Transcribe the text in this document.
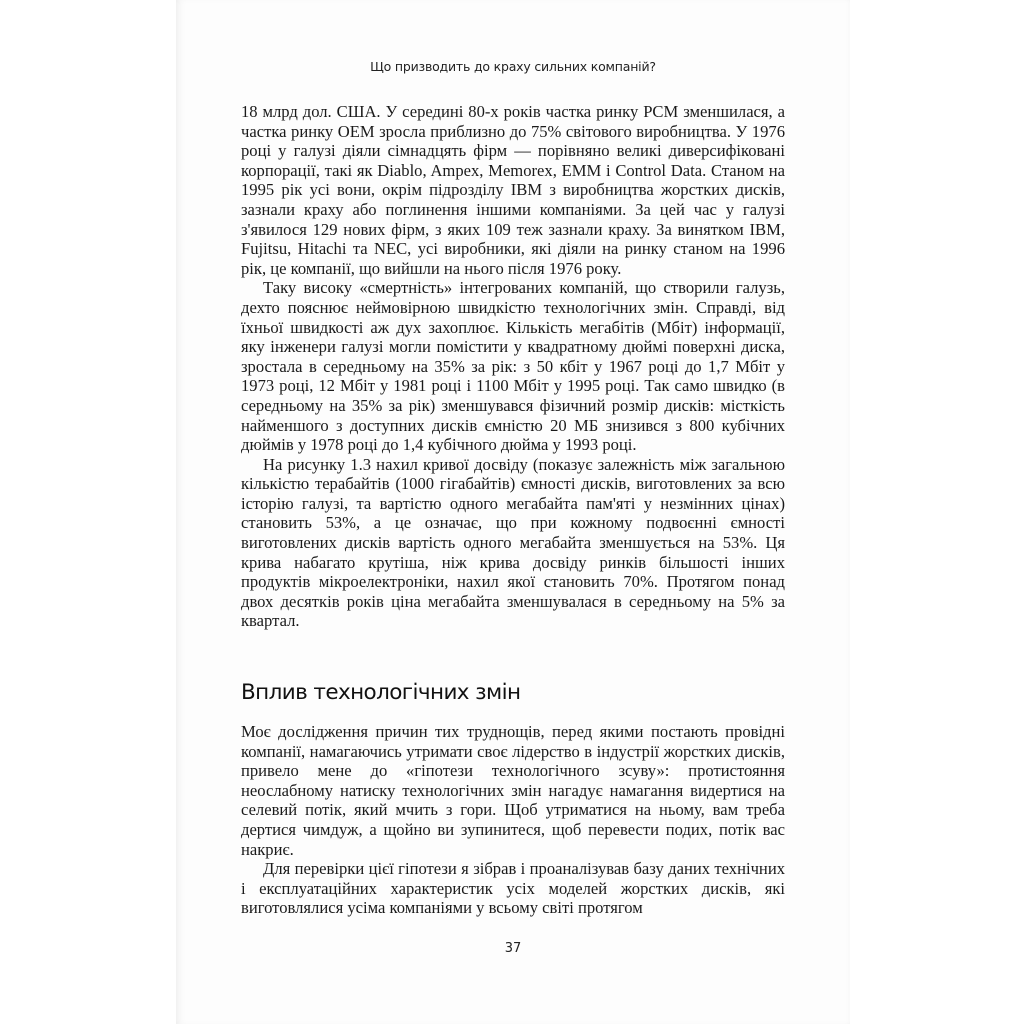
Що призводить до краху сильних компаній?

18 млрд дол. США. У середині 80-х років частка ринку PCM зменшилася, а частка ринку OEM зросла приблизно до 75% світового виробництва. У 1976 році у галузі діяли сімнадцять фірм — порівняно великі диверсифіковані корпорації, такі як Diablo, Ampex, Memorex, EMM і Control Data. Станом на 1995 рік усі вони, окрім підрозділу IBM з виробництва жорстких дисків, зазнали краху або поглинення іншими компаніями. За цей час у галузі з'явилося 129 нових фірм, з яких 109 теж зазнали краху. За винятком IBM, Fujitsu, Hitachi та NEC, усі виробники, які діяли на ринку станом на 1996 рік, це компанії, що вийшли на нього після 1976 року.

Таку високу «смертність» інтегрованих компаній, що створили галузь, дехто пояснює неймовірною швидкістю технологічних змін. Справді, від їхньої швидкості аж дух захоплює. Кількість мегабітів (Мбіт) інформації, яку інженери галузі могли помістити у квадратному дюймі поверхні диска, зростала в середньому на 35% за рік: з 50 кбіт у 1967 році до 1,7 Мбіт у 1973 році, 12 Мбіт у 1981 році і 1100 Мбіт у 1995 році. Так само швидко (в середньому на 35% за рік) зменшувався фізичний розмір дисків: місткість найменшого з доступних дисків ємністю 20 МБ знизився з 800 кубічних дюймів у 1978 році до 1,4 кубічного дюйма у 1993 році.

На рисунку 1.3 нахил кривої досвіду (показує залежність між загальною кількістю терабайтів (1000 гігабайтів) ємності дисків, виготовлених за всю історію галузі, та вартістю одного мегабайта пам'яті у незмінних цінах) становить 53%, а це означає, що при кожному подвоєнні ємності виготовлених дисків вартість одного мегабайта зменшується на 53%. Ця крива набагато крутіша, ніж крива досвіду ринків більшості інших продуктів мікроелектроніки, нахил якої становить 70%. Протягом понад двох десятків років ціна мегабайта зменшувалася в середньому на 5% за квартал.

Вплив технологічних змін

Моє дослідження причин тих труднощів, перед якими постають провідні компанії, намагаючись утримати своє лідерство в індустрії жорстких дисків, привело мене до «гіпотези технологічного зсуву»: протистояння неослабному натиску технологічних змін нагадує намагання видертися на селевий потік, який мчить з гори. Щоб утриматися на ньому, вам треба дертися чимдуж, а щойно ви зупинитеся, щоб перевести подих, потік вас накриє.

Для перевірки цієї гіпотези я зібрав і проаналізував базу даних технічних і експлуатаційних характеристик усіх моделей жорстких дисків, які виготовлялися усіма компаніями у всьому світі протягом

37
